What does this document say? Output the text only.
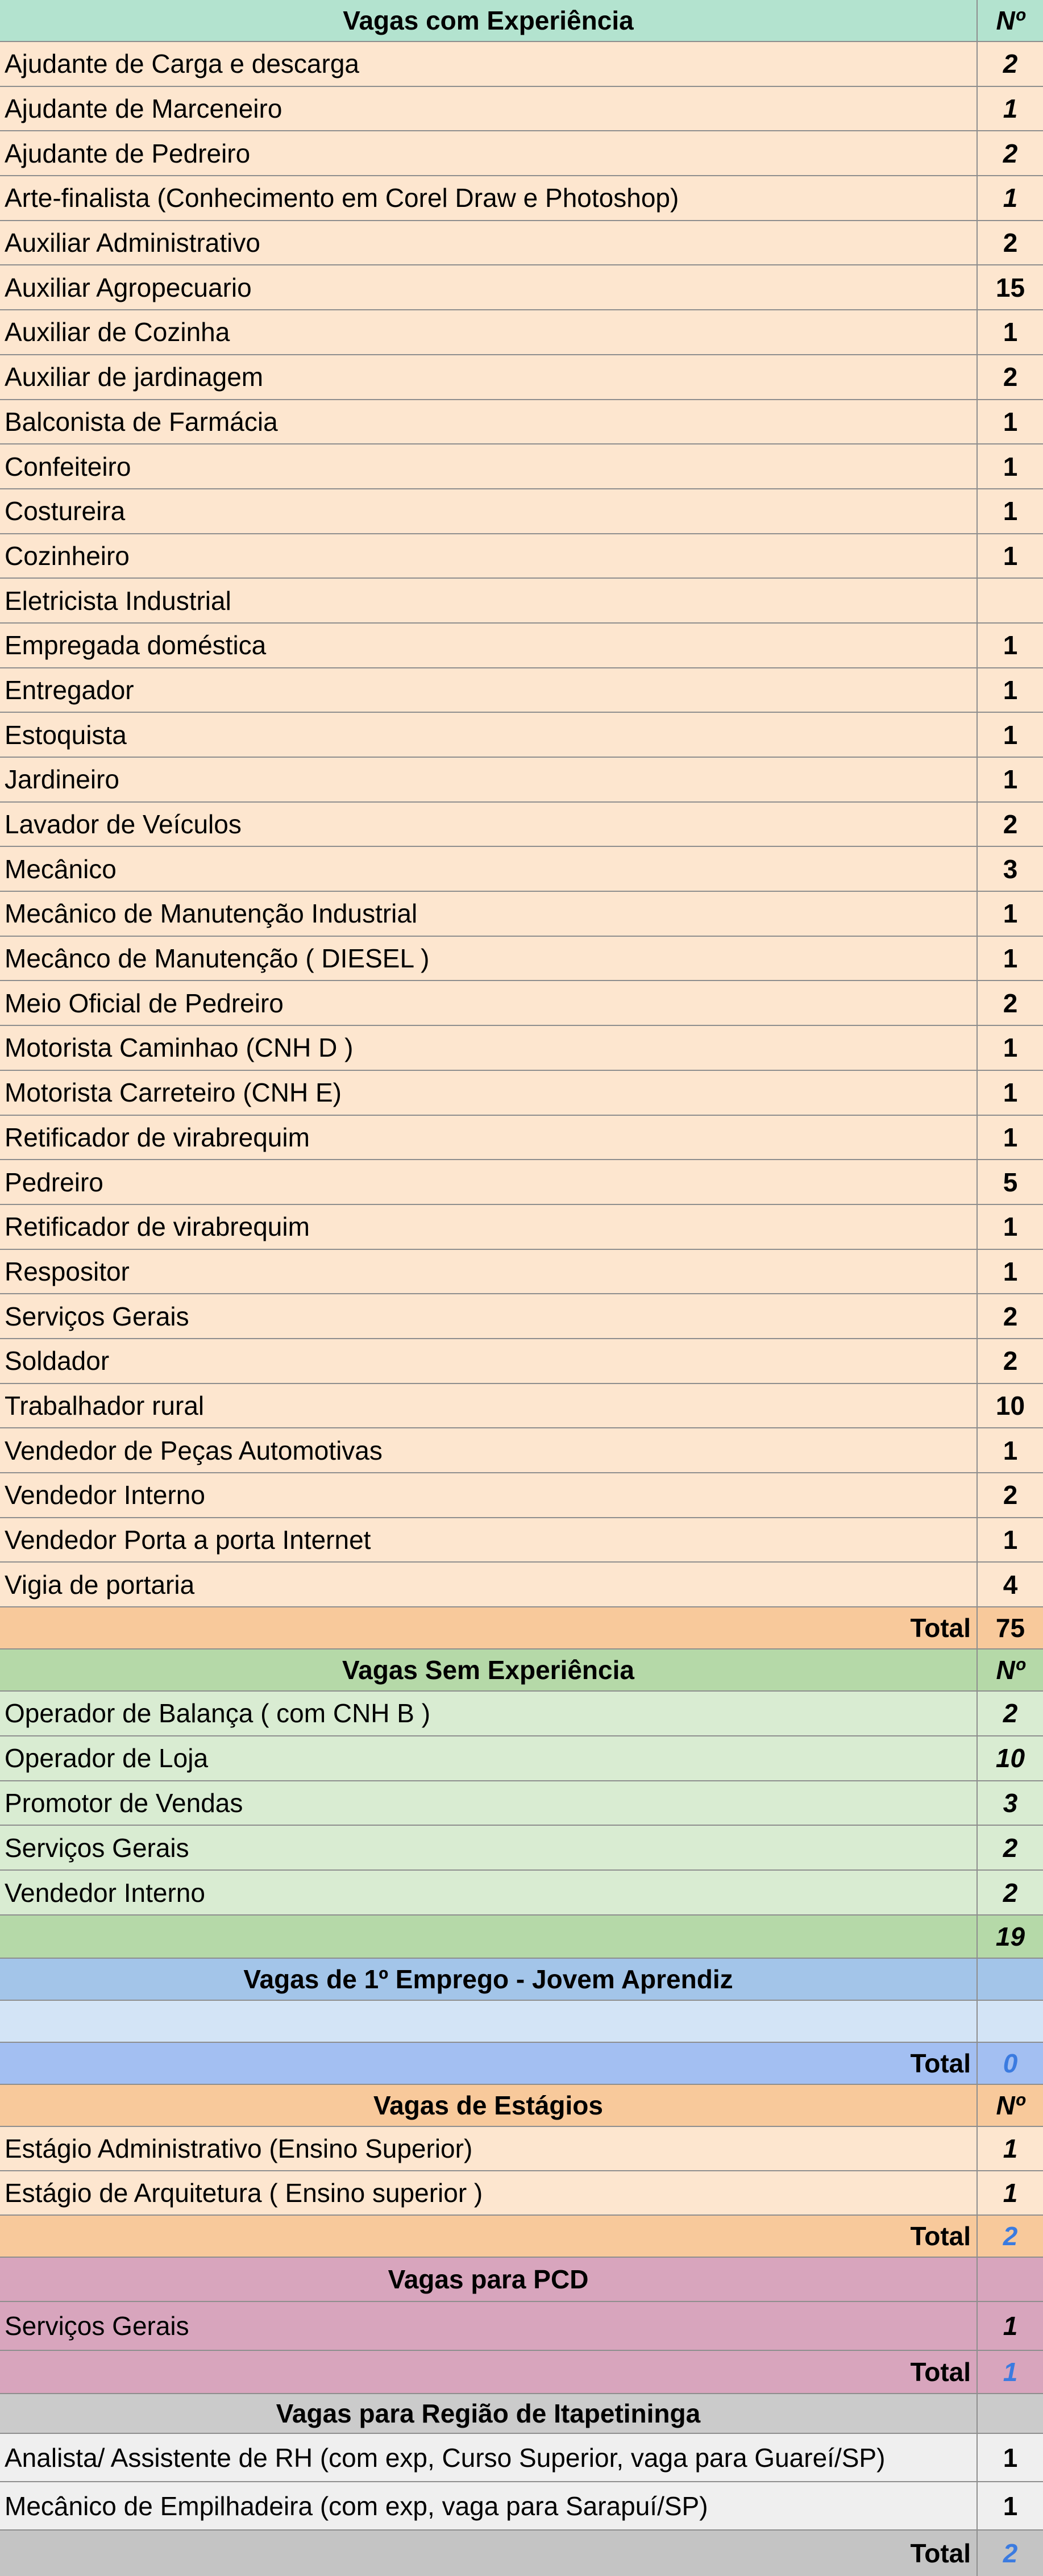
Vagas com Experiência	Nº
Ajudante de Carga e descarga	2
Ajudante de Marceneiro	1
Ajudante de Pedreiro	2
Arte-finalista (Conhecimento em Corel Draw e Photoshop)	1
Auxiliar Administrativo	2
Auxiliar Agropecuario	15
Auxiliar de Cozinha	1
Auxiliar de jardinagem	2
Balconista de Farmácia	1
Confeiteiro	1
Costureira	1
Cozinheiro	1
Eletricista Industrial
Empregada doméstica	1
Entregador	1
Estoquista	1
Jardineiro	1
Lavador de Veículos	2
Mecânico	3
Mecânico de Manutenção Industrial	1
Mecânco de Manutenção ( DIESEL )	1
Meio Oficial de Pedreiro	2
Motorista Caminhao (CNH D )	1
Motorista Carreteiro (CNH E)	1
Retificador de virabrequim	1
Pedreiro	5
Retificador de virabrequim	1
Respositor	1
Serviços Gerais	2
Soldador	2
Trabalhador rural	10
Vendedor de Peças Automotivas	1
Vendedor Interno	2
Vendedor Porta a porta Internet	1
Vigia de portaria	4
Total 75
Vagas Sem Experiência	Nº
Operador de Balança ( com CNH B )	2
Operador de Loja	10
Promotor de Vendas	3
Serviços Gerais	2
Vendedor Interno	2
19
Vagas de 1º Emprego - Jovem Aprendiz
Total	0
Vagas de Estágios	Nº
Estágio Administrativo (Ensino Superior)	1
Estágio de Arquitetura ( Ensino superior )	1
Total	2
Vagas para PCD
Serviços Gerais	1
Total	1
Vagas para Região de Itapetininga
Analista/ Assistente de RH (com exp, Curso Superior, vaga para Guareí/SP)	1
Mecânico de Empilhadeira (com exp, vaga para Sarapuí/SP)	1
Total	2
